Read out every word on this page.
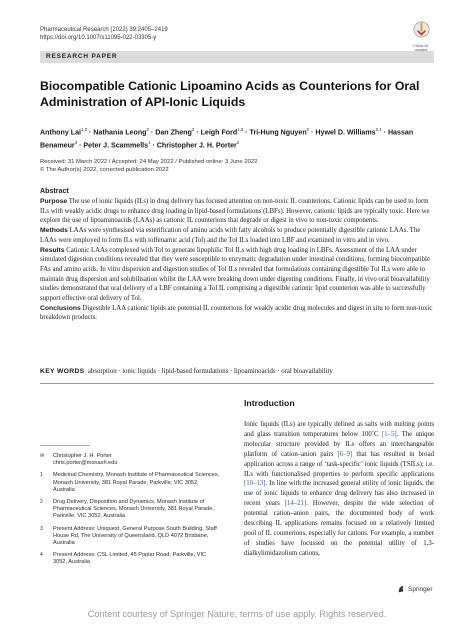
Pharmaceutical Research (2022) 39:2405–2419
https://doi.org/10.1007/s11095-022-03305-y
Check for
RESEARCH PAPER
Biocompatible Cationic Lipoamino Acids as Counterions for Oral Administration of API-Ionic Liquids
Anthony Lai$^{1,2}$ · Nathania Leong$^2$ · Dan Zheng$^2$ · Leigh Ford$^{1,3}$ · Tri-Hung Nguyen$^2$ · Hywel D. Williams$^{2,4}$ · Hassan Benameur$^4$ · Peter J. Scammells$^1$ · Christopher J. H. Porter$^2$
Received: 31 March 2022 / Accepted: 24 May 2022 / Published online: 3 June 2022
© The Author(s) 2022, corrected publication 2022
Abstract

Purpose The use of ionic liquids (ILs) in drug delivery has focused attention on non-toxic IL counterions. Cationic lipids can be used to form ILs with weakly acidic drugs to enhance drug loading in lipid-based formulations (LBFs). However, cationic lipids are typically toxic. Here we explore the use of lipoaminoacids (LAAs) as cationic IL counterions that degrade or digest in vivo to non-toxic components.

Methods LAAs were synthesised via esterification of amino acids with fatty alcohols to produce potentially digestible cationic LAAs. The LAAs were employed to form ILs with tolfenamic acid (Tol) and the Tol ILs loaded into LBF and examined in vitro and in vivo.

Results Cationic LAAs complexed with Tol to generate lipophilic Tol ILs with high drug loading in LBFs. Assessment of the LAA under simulated digestion conditions revealed that they were susceptible to enzymatic degradation under intestinal conditions, forming biocompatible FAs and amino acids. In vitro dispersion and digestion studies of Tol ILs revealed that formulations containing digestible Tol ILs were able to maintain drug dispersion and solubilisation whilst the LAA were breaking down under digesting conditions. Finally, in vivo oral bioavailability studies demonstrated that oral delivery of a LBF containing a Tol IL comprising a digestible cationic lipid counterion was able to successfully support effective oral delivery of Tol.

Conclusions Digestible LAA cationic lipids are potential IL counterions for weakly acidic drug molecules and digest in situ to form non-toxic breakdown products.

KEY WORDS absorption · ionic liquids · lipid-based formulations · lipoaminoacids · oral bioavailability
✉	Christopher J. H. Porter
chris.porter@monash.edu
1	Medicinal Chemistry, Monash Institute of Pharmaceutical Sciences, Monash University, 381 Royal Parade, Parkville, VIC 3052, Australia
2	Drug Delivery, Disposition and Dynamics, Monash Institute of Pharmaceutical Sciences, Monash University, 381 Royal Parade, Parkville, VIC 3052, Australia
3	Present Address: Uniquest, General Purpose South Building, Staff House Rd, The University of Queensland, QLD 4072 Brisbane, Australia
4	Present Address: CSL Limited, 45 Poplar Road, Parkville, VIC 3052, Australia
Introduction
Ionic liquids (ILs) are typically defined as salts with melting points and glass transition temperatures below 100˚C [1–5]. The unique molecular structure provided by ILs offers an interchangeable platform of cation–anion pairs [6–9] that has resulted in broad application across a range of ‘task-specific’ ionic liquids (TSILs); i.e. ILs with functionalised properties to perform specific applications [10–13]. In line with the increased general utility of ionic liquids, the use of ionic liquids to enhance drug delivery has also increased in recent years [14–21]. However, despite the wide selection of potential cation–anion pairs, the documented body of work describing IL applications remains focused on a relatively limited pool of IL counterions, especially for cations. For example, a number of studies have focussed on the potential utility of 1,3-dialkylimidazolium cations,
Springer
Content courtesy of Springer Nature, terms of use apply. Rights reserved.
